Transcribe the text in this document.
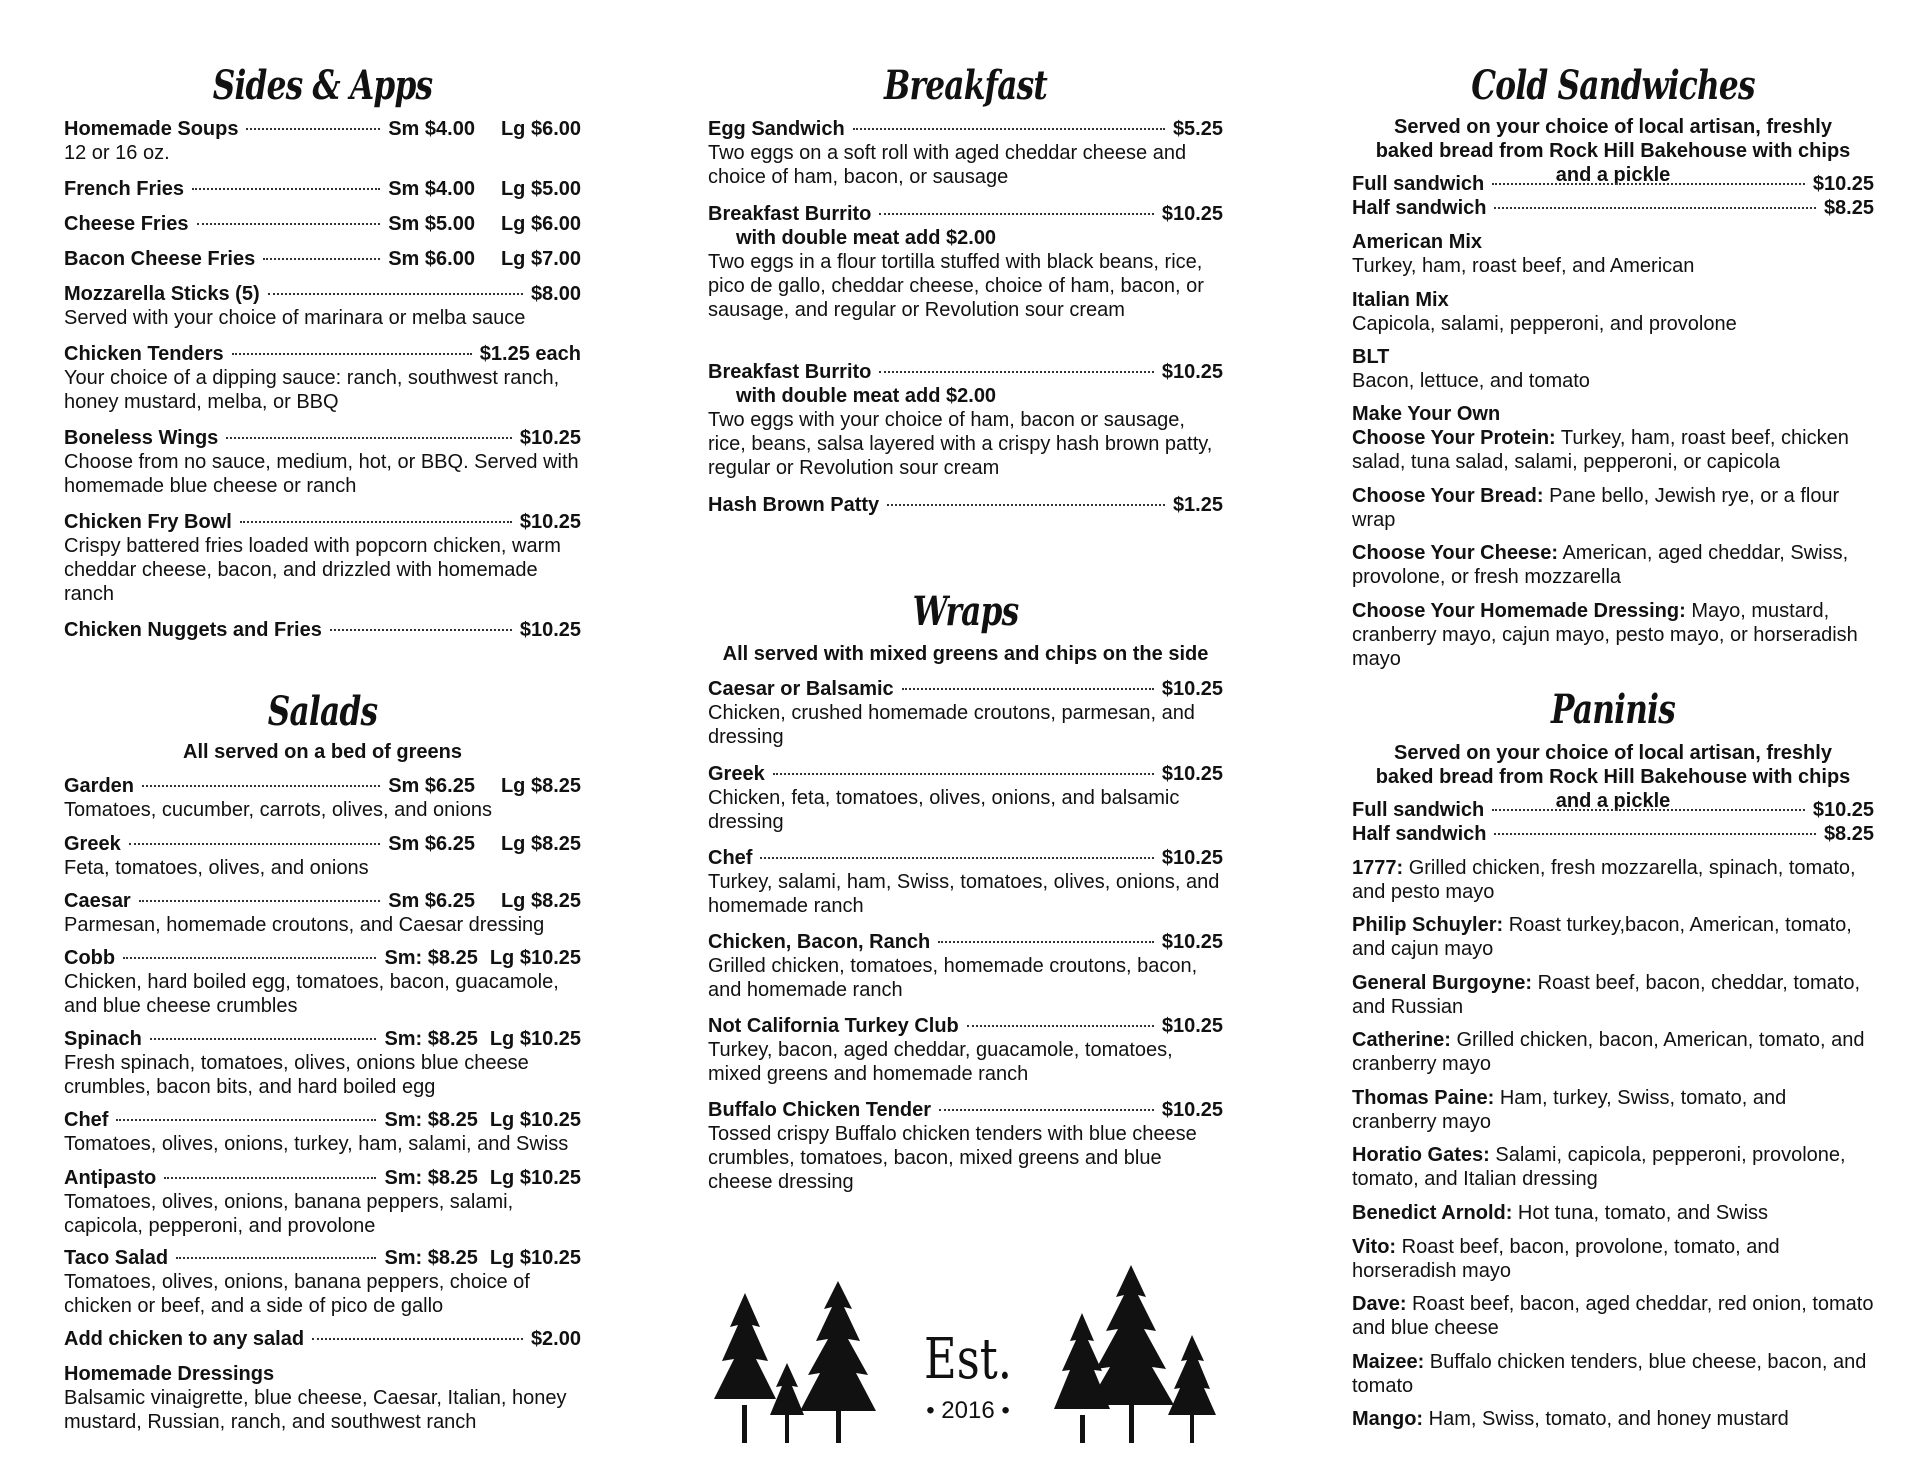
Sides & Apps
Homemade Soups	Sm $4.00 Lg $6.00
12 or 16 oz.
French Fries	Sm $4.00 Lg $5.00
Cheese Fries	Sm $5.00 Lg $6.00
Bacon Cheese Fries	Sm $6.00 Lg $7.00
Mozzarella Sticks (5)	$8.00
Served with your choice of marinara or melba sauce
Chicken Tenders	$1.25 each
Your choice of a dipping sauce: ranch, southwest ranch, honey mustard, melba, or BBQ
Boneless Wings	$10.25
Choose from no sauce, medium, hot, or BBQ. Served with homemade blue cheese or ranch
Chicken Fry Bowl	$10.25
Crispy battered fries loaded with popcorn chicken, warm cheddar cheese, bacon, and drizzled with homemade ranch
Chicken Nuggets and Fries	$10.25
Salads
All served on a bed of greens
Garden	Sm $6.25 Lg $8.25
Tomatoes, cucumber, carrots, olives, and onions
Greek	Sm $6.25 Lg $8.25
Feta, tomatoes, olives, and onions
Caesar	Sm $6.25 Lg $8.25
Parmesan, homemade croutons, and Caesar dressing
Cobb	Sm: $8.25 Lg $10.25
Chicken, hard boiled egg, tomatoes, bacon, guacamole, and blue cheese crumbles
Spinach	Sm: $8.25 Lg $10.25
Fresh spinach, tomatoes, olives, onions blue cheese crumbles, bacon bits, and hard boiled egg
Chef	Sm: $8.25 Lg $10.25
Tomatoes, olives, onions, turkey, ham, salami, and Swiss
Antipasto	Sm: $8.25 Lg $10.25
Tomatoes, olives, onions, banana peppers, salami, capicola, pepperoni, and provolone
Taco Salad	Sm: $8.25 Lg $10.25
Tomatoes, olives, onions, banana peppers, choice of chicken or beef, and a side of pico de gallo
Add chicken to any salad	$2.00
Homemade Dressings
Balsamic vinaigrette, blue cheese, Caesar, Italian, honey mustard, Russian, ranch, and southwest ranch
Breakfast
Egg Sandwich	$5.25
Two eggs on a soft roll with aged cheddar cheese and choice of ham, bacon, or sausage
Breakfast Burrito	$10.25
with double meat add $2.00
Two eggs in a flour tortilla stuffed with black beans, rice, pico de gallo, cheddar cheese, choice of ham, bacon, or sausage, and regular or Revolution sour cream
Breakfast Burrito	$10.25
with double meat add $2.00
Two eggs with your choice of ham, bacon or sausage, rice, beans, salsa layered with a crispy hash brown patty, regular or Revolution sour cream
Hash Brown Patty	$1.25
Wraps
All served with mixed greens and chips on the side
Caesar or Balsamic	$10.25
Chicken, crushed homemade croutons, parmesan, and dressing
Greek	$10.25
Chicken, feta, tomatoes, olives, onions, and balsamic dressing
Chef	$10.25
Turkey, salami, ham, Swiss, tomatoes, olives, onions, and homemade ranch
Chicken, Bacon, Ranch	$10.25
Grilled chicken, tomatoes, homemade croutons, bacon, and homemade ranch
Not California Turkey Club	$10.25
Turkey, bacon, aged cheddar, guacamole, tomatoes, mixed greens and homemade ranch
Buffalo Chicken Tender	$10.25
Tossed crispy Buffalo chicken tenders with blue cheese crumbles, tomatoes, bacon, mixed greens and blue cheese dressing
Est.
• 2016 •
Cold Sandwiches
Served on your choice of local artisan, freshly baked bread from Rock Hill Bakehouse with chips and a pickle
Full sandwich	$10.25
Half sandwich	$8.25
American Mix
Turkey, ham, roast beef, and American
Italian Mix
Capicola, salami, pepperoni, and provolone
BLT
Bacon, lettuce, and tomato
Make Your Own
Choose Your Protein: Turkey, ham, roast beef, chicken salad, tuna salad, salami, pepperoni, or capicola
Choose Your Bread: Pane bello, Jewish rye, or a flour wrap
Choose Your Cheese: American, aged cheddar, Swiss, provolone, or fresh mozzarella
Choose Your Homemade Dressing: Mayo, mustard, cranberry mayo, cajun mayo, pesto mayo, or horseradish mayo
Paninis
Served on your choice of local artisan, freshly baked bread from Rock Hill Bakehouse with chips and a pickle
Full sandwich	$10.25
Half sandwich	$8.25
1777: Grilled chicken, fresh mozzarella, spinach, tomato, and pesto mayo
Philip Schuyler: Roast turkey,bacon, American, tomato, and cajun mayo
General Burgoyne: Roast beef, bacon, cheddar, tomato, and Russian
Catherine: Grilled chicken, bacon, American, tomato, and cranberry mayo
Thomas Paine: Ham, turkey, Swiss, tomato, and cranberry mayo
Horatio Gates: Salami, capicola, pepperoni, provolone, tomato, and Italian dressing
Benedict Arnold: Hot tuna, tomato, and Swiss
Vito: Roast beef, bacon, provolone, tomato, and horseradish mayo
Dave: Roast beef, bacon, aged cheddar, red onion, tomato and blue cheese
Maizee: Buffalo chicken tenders, blue cheese, bacon, and tomato
Mango: Ham, Swiss, tomato, and honey mustard
